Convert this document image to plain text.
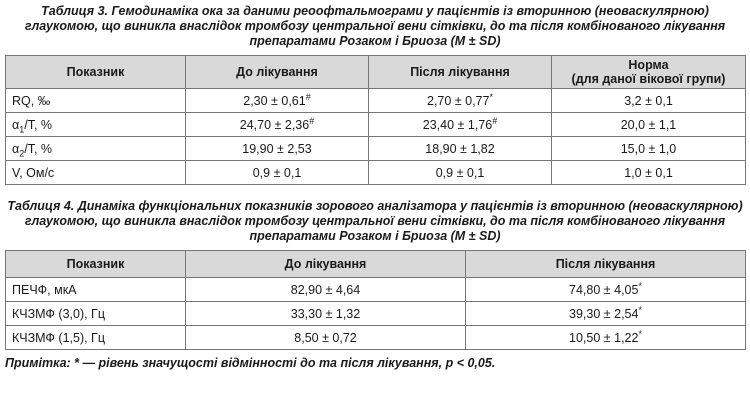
Таблиця 3. Гемодинаміка ока за даними реоофтальмограми у пацієнтів із вторинною (неоваскулярною) глаукомою, що виникла внаслідок тромбозу центральної вени сітківки, до та після комбінованого лікування препаратами Розаком і Бриозa (M ± SD)
Показник	До лікування	Після лікування	Норма
(для даної вікової групи)
RQ, ‰	2,30 ± 0,61#	2,70 ± 0,77*	3,2 ± 0,1
$\alpha_1/T$, %	24,70 ± 2,36#	23,40 ± 1,76#	20,0 ± 1,1
$\alpha_2/T$, %	19,90 ± 2,53	18,90 ± 1,82	15,0 ± 1,0
V, Ом/с	0,9 ± 0,1	0,9 ± 0,1	1,0 ± 0,1
Таблиця 4. Динаміка функціональних показників зорового аналізатора у пацієнтів із вторинною (неоваскулярною) глаукомою, що виникла внаслідок тромбозу центральної вени сітківки, до та після комбінованого лікування препаратами Розаком і Бриоза (M ± SD)
Показник	До лікування	Після лікування
ПЕЧФ, мкА	82,90 ± 4,64	74,80 ± 4,05*
КЧЗМФ (3,0), Гц	33,30 ± 1,32	39,30 ± 2,54*
КЧЗМФ (1,5), Гц	8,50 ± 0,72	10,50 ± 1,22*
Примітка: * — рівень значущості відмінності до та після лікування, р < 0,05.
